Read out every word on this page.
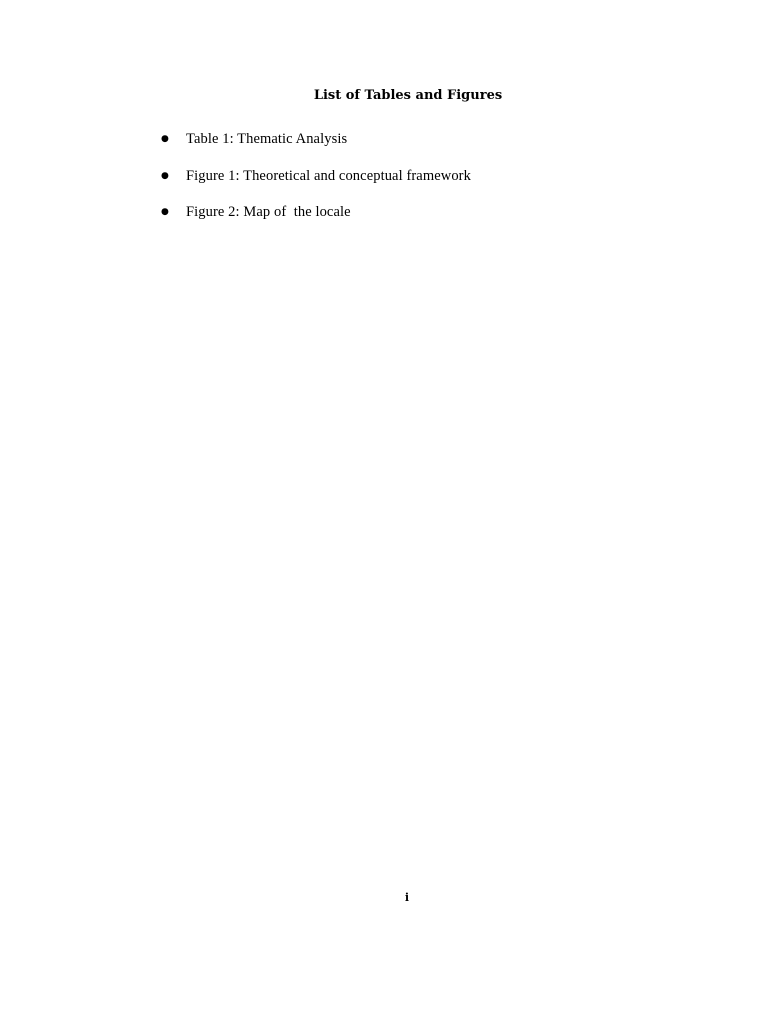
List of Tables and Figures
●	Table 1: Thematic Analysis
●	Figure 1: Theoretical and conceptual framework
●	Figure 2: Map of  the locale
i
